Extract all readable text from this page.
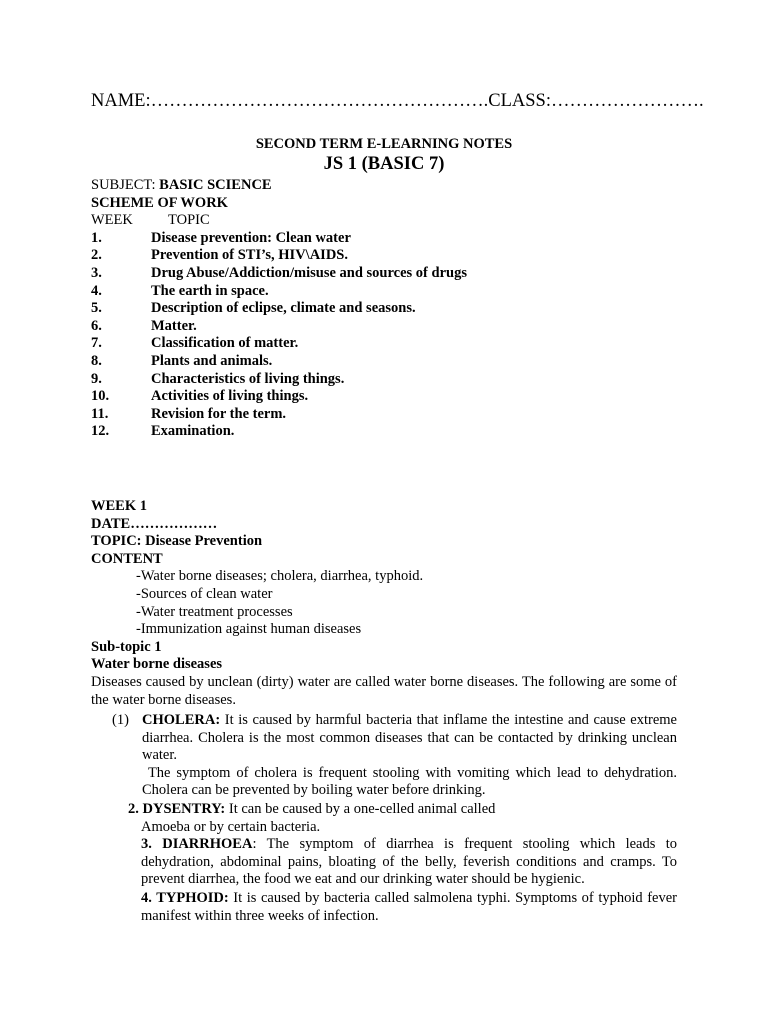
NAME:……………………………………………….CLASS:…………………….
SECOND TERM E-LEARNING NOTES
JS 1 (BASIC 7)
SUBJECT: BASIC SCIENCE
SCHEME OF WORK
WEEK	TOPIC
1.	Disease prevention: Clean water
2.	Prevention of STI’s, HIV\AIDS.
3.	Drug Abuse/Addiction/misuse and sources of drugs
4.	The earth in space.
5.	Description of eclipse, climate and seasons.
6.	Matter.
7.	Classification of matter.
8.	Plants and animals.
9.	Characteristics of living things.
10.	Activities of living things.
11.	Revision for the term.
12.	Examination.
WEEK 1
DATE………………
TOPIC: Disease Prevention
CONTENT
-Water borne diseases; cholera, diarrhea, typhoid.
-Sources of clean water
-Water treatment processes
-Immunization against human diseases
Sub-topic 1
Water borne diseases
Diseases caused by unclean (dirty) water are called water borne diseases. The following are some of the water borne diseases.
(1) CHOLERA: It is caused by harmful bacteria that inflame the intestine and cause extreme diarrhea. Cholera is the most common diseases that can be contacted by drinking unclean water.
The symptom of cholera is frequent stooling with vomiting which lead to dehydration. Cholera can be prevented by boiling water before drinking.
2. DYSENTRY: It can be caused by a one-celled animal called
Amoeba or by certain bacteria.
3. DIARRHOEA: The symptom of diarrhea is frequent stooling which leads to dehydration, abdominal pains, bloating of the belly, feverish conditions and cramps. To prevent diarrhea, the food we eat and our drinking water should be hygienic.
4. TYPHOID: It is caused by bacteria called salmolena typhi. Symptoms of typhoid fever manifest within three weeks of infection.
